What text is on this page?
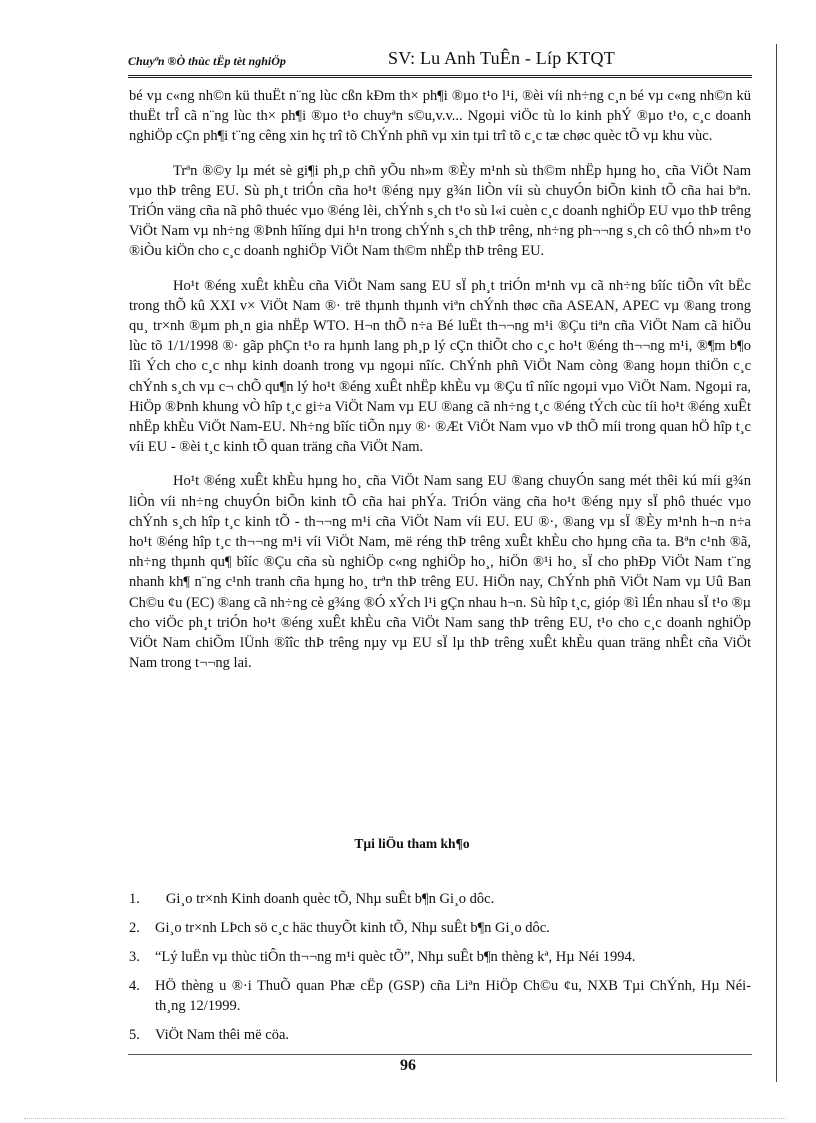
Chuyªn ®Ò thùc tËp tèt nghiÖp	SV: Lu Anh TuÊn - Líp KTQT

bé vµ c«ng nh©n kü thuËt n¨ng lùc cßn kÐm th× ph¶i ®µo t¹o l¹i, ®èi víi nh÷ng c¸n bé vµ c«ng nh©n kü thuËt trÎ cã n¨ng lùc th× ph¶i ®µo t¹o chuyªn s©u,v.v... Ngoµi viÖc tù lo kinh phÝ ®µo t¹o, c¸c doanh nghiÖp cÇn ph¶i t¨ng cêng xin hç trî tõ ChÝnh phñ vµ xin tµi trî tõ c¸c tæ chøc quèc tÕ vµ khu vùc.

Trªn ®©y lµ mét sè gi¶i ph¸p chñ yÕu nh»m ®Èy m¹nh sù th©m nhËp hµng ho¸ cña ViÖt Nam vµo thÞ trêng EU. Sù ph¸t triÓn cña ho¹t ®éng nµy g¾n liÒn víi sù chuyÓn biÕn kinh tÕ cña hai bªn. TriÓn väng cña nã phô thuéc vµo ®éng lèi, chÝnh s¸ch t¹o sù l«i cuèn c¸c doanh nghiÖp EU vµo thÞ trêng ViÖt Nam vµ nh÷ng ®Þnh hîíng dµi h¹n trong chÝnh s¸ch thÞ trêng, nh÷ng ph¬¬ng s¸ch cô thÓ nh»m t¹o ®iÒu kiÖn cho c¸c doanh nghiÖp ViÖt Nam th©m nhËp thÞ trêng EU.

Ho¹t ®éng xuÊt khÈu cña ViÖt Nam sang EU sÏ ph¸t triÓn m¹nh vµ cã nh÷ng bîíc tiÕn vît bËc trong thÕ kû XXI v× ViÖt Nam ®· trë thµnh thµnh viªn chÝnh thøc cña ASEAN, APEC vµ ®ang trong qu¸ tr×nh ®µm ph¸n gia nhËp WTO. H¬n thÕ n÷a Bé luËt th¬¬ng m¹i ®Çu tiªn cña ViÖt Nam cã hiÖu lùc tõ 1/1/1998 ®· gãp phÇn t¹o ra hµnh lang ph¸p lý cÇn thiÕt cho c¸c ho¹t ®éng th¬¬ng m¹i, ®¶m b¶o lîi Ých cho c¸c nhµ kinh doanh trong vµ ngoµi nîíc. ChÝnh phñ ViÖt Nam còng ®ang hoµn thiÖn c¸c chÝnh s¸ch vµ c¬ chÕ qu¶n lý ho¹t ®éng xuÊt nhËp khÈu vµ ®Çu tî nîíc ngoµi vµo ViÖt Nam. Ngoµi ra, HiÖp ®Þnh khung vÒ hîp t¸c gi÷a ViÖt Nam vµ EU ®ang cã nh÷ng t¸c ®éng tÝch cùc tíi ho¹t ®éng xuÊt nhËp khÈu ViÖt Nam-EU. Nh÷ng bîíc tiÕn nµy ®· ®Æt ViÖt Nam vµo vÞ thÕ míi trong quan hÖ hîp t¸c víi EU - ®èi t¸c kinh tÕ quan träng cña ViÖt Nam.

Ho¹t ®éng xuÊt khÈu hµng ho¸ cña ViÖt Nam sang EU ®ang chuyÓn sang mét thêi kú míi g¾n liÒn víi nh÷ng chuyÓn biÕn kinh tÕ cña hai phÝa. TriÓn väng cña ho¹t ®éng nµy sÏ phô thuéc vµo chÝnh s¸ch hîp t¸c kinh tÕ - th¬¬ng m¹i cña ViÖt Nam víi EU. EU ®·, ®ang vµ sÏ ®Èy m¹nh h¬n n÷a ho¹t ®éng hîp t¸c th¬¬ng m¹i víi ViÖt Nam, më réng thÞ trêng xuÊt khÈu cho hµng cña ta. Bªn c¹nh ®ã, nh÷ng thµnh qu¶ bîíc ®Çu cña sù nghiÖp c«ng nghiÖp ho¸, hiÖn ®¹i ho¸ sÏ cho phÐp ViÖt Nam t¨ng nhanh kh¶ n¨ng c¹nh tranh cña hµng ho¸ trªn thÞ trêng EU. HiÖn nay, ChÝnh phñ ViÖt Nam vµ Uû Ban Ch©u ¢u (EC) ®ang cã nh÷ng cè g¾ng ®Ó xÝch l¹i gÇn nhau h¬n. Sù hîp t¸c, gióp ®ì lÉn nhau sÏ t¹o ®µ cho viÖc ph¸t triÓn ho¹t ®éng xuÊt khÈu cña ViÖt Nam sang thÞ trêng EU, t¹o cho c¸c doanh nghiÖp ViÖt Nam chiÕm lÜnh ®îîc thÞ trêng nµy vµ EU sÏ lµ thÞ trêng xuÊt khÈu quan träng nhÊt cña ViÖt Nam trong t¬¬ng lai.

Tµi liÖu tham kh¶o
1. Gi¸o tr×nh Kinh doanh quèc tÕ, Nhµ suÊt b¶n Gi¸o dôc.
2. Gi¸o tr×nh LÞch sö c¸c häc thuyÕt kinh tÕ, Nhµ suÊt b¶n Gi¸o dôc.
3. “Lý luËn vµ thùc tiÔn th¬¬ng m¹i quèc tÕ”, Nhµ suÊt b¶n thèng kª, Hµ Néi 1994.
4. HÖ thèng u ®·i ThuÕ quan Phæ cËp (GSP) cña Liªn HiÖp Ch©u ¢u, NXB Tµi ChÝnh, Hµ Néi- th¸ng 12/1999.
5. ViÖt Nam thêi më cöa.
96
